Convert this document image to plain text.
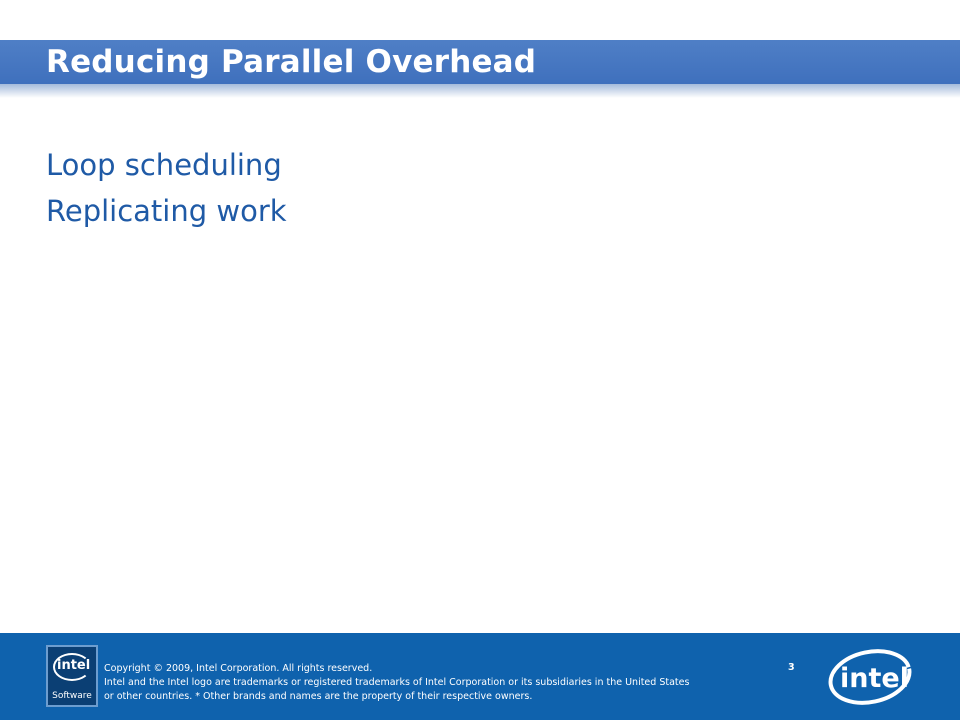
Reducing Parallel Overhead
Loop scheduling
Replicating work
intel
Software
Copyright © 2009, Intel Corporation. All rights reserved.
Intel and the Intel logo are trademarks or registered trademarks of Intel Corporation or its subsidiaries in the United States
or other countries. * Other brands and names are the property of their respective owners.
3 intel
